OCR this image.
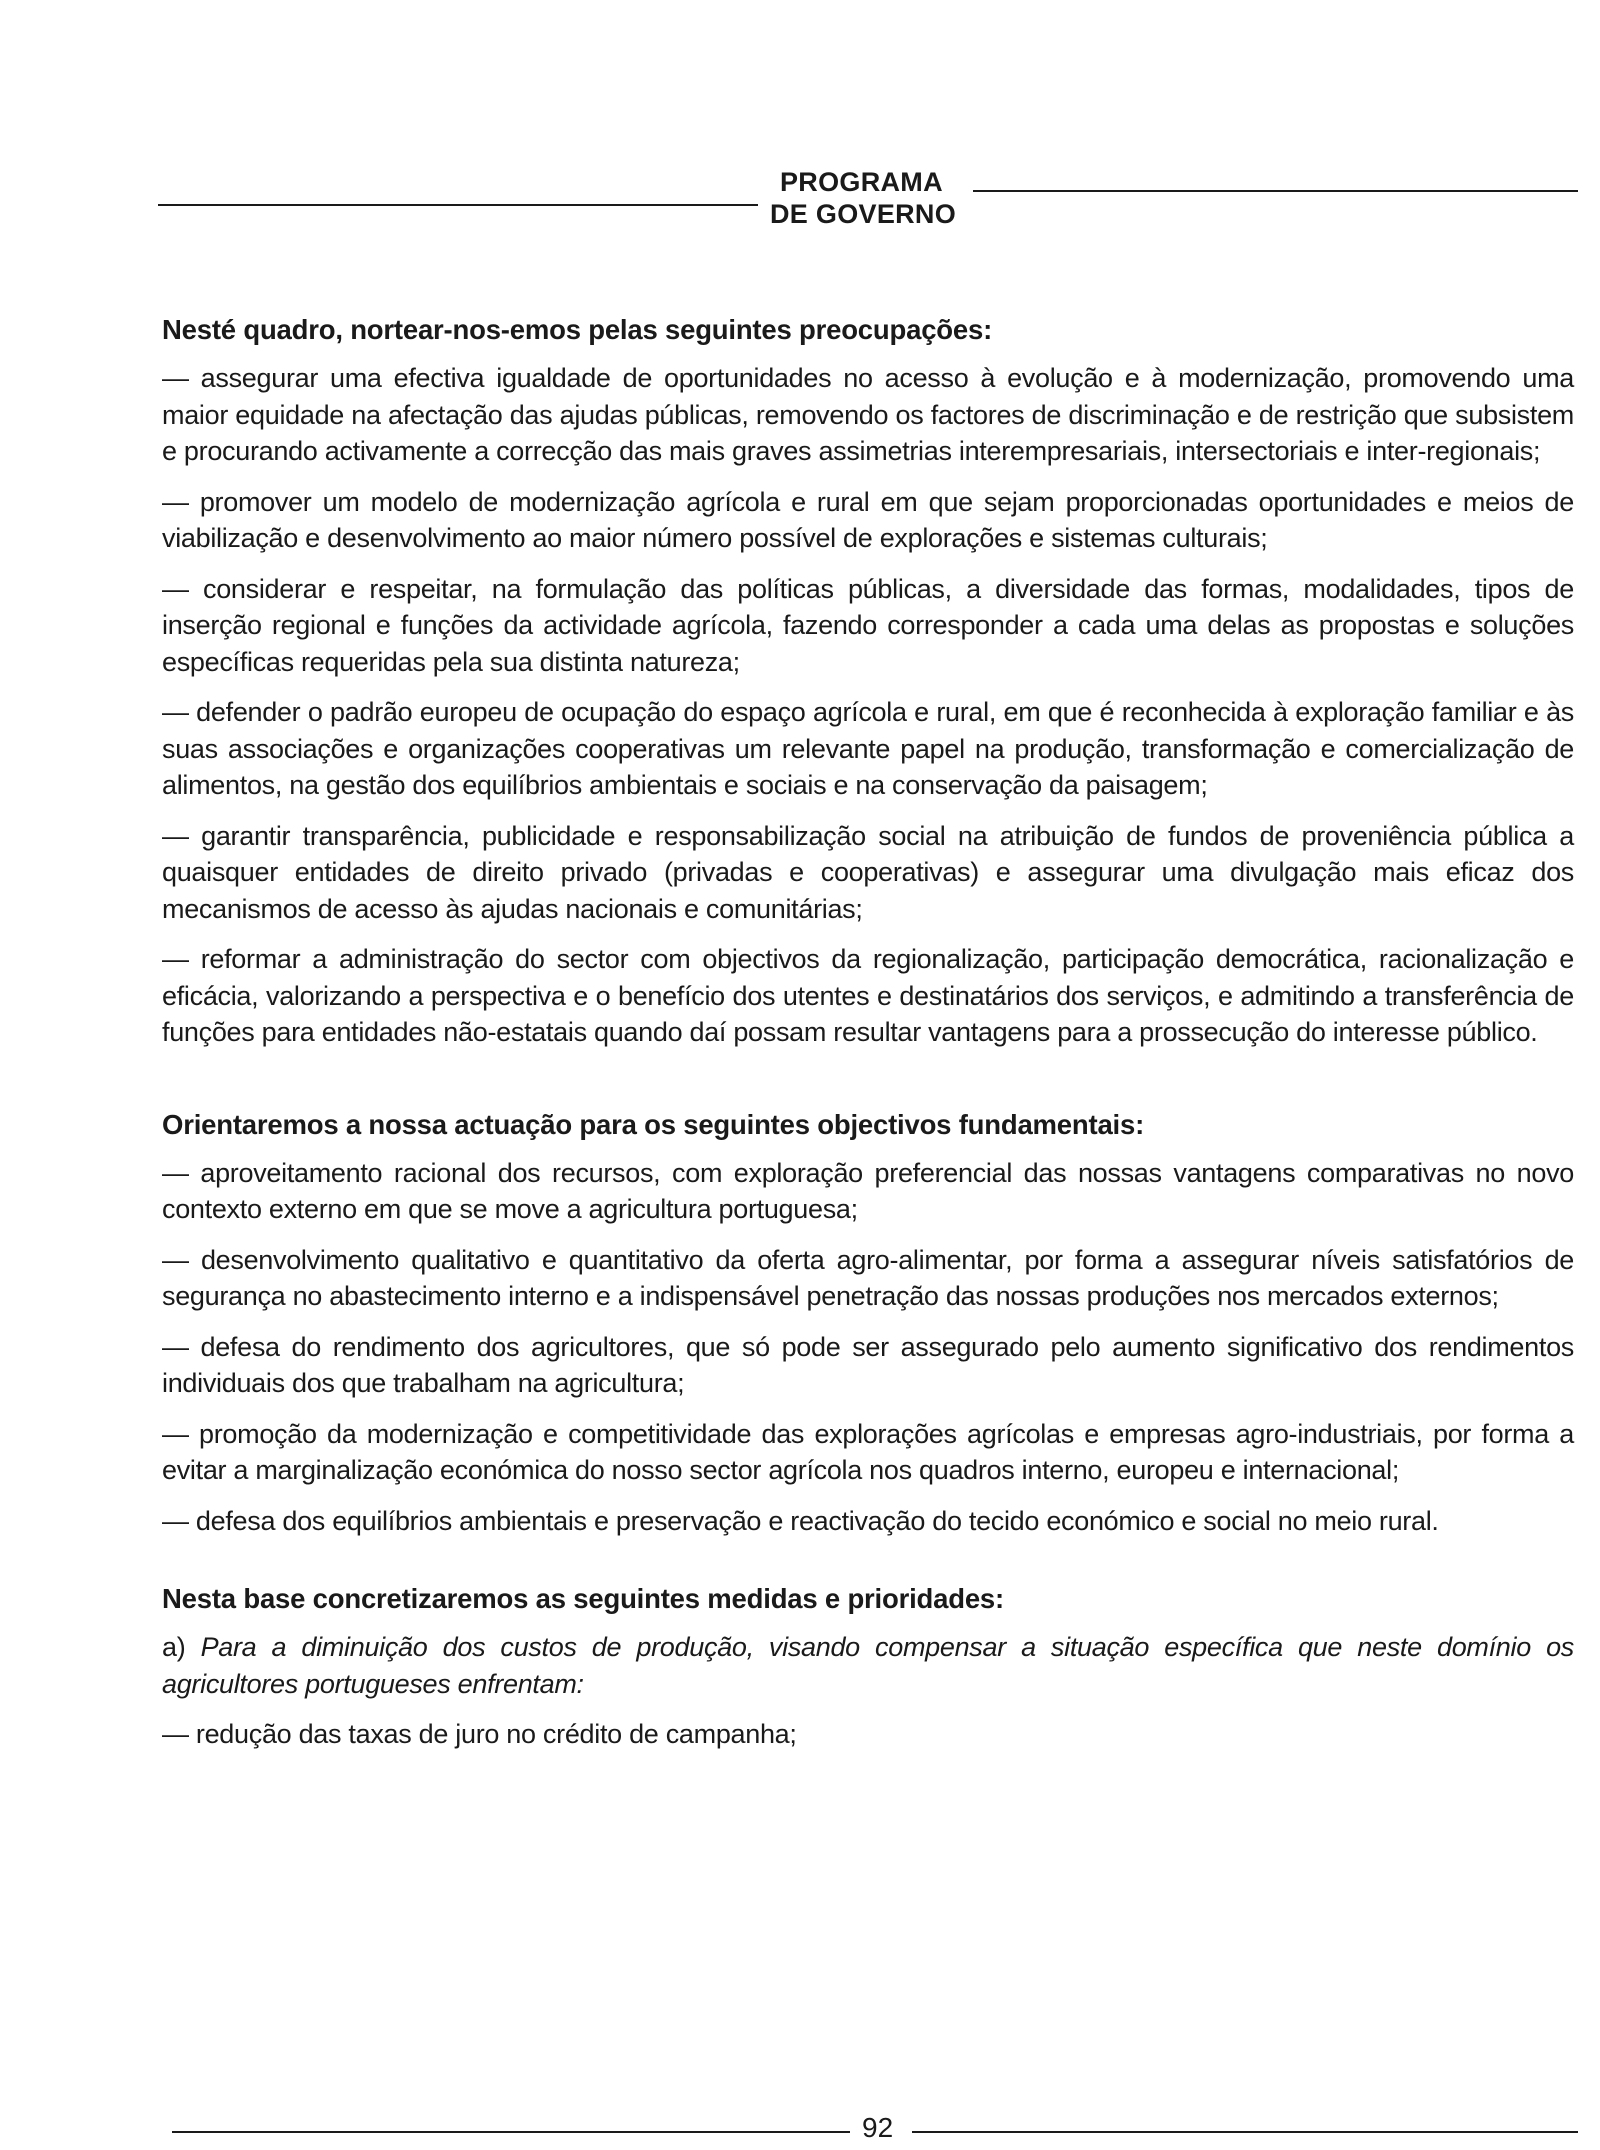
PROGRAMA
DE GOVERNO
Nesté quadro, nortear-nos-emos pelas seguintes preocupações:
— assegurar uma efectiva igualdade de oportunidades no acesso à evolução e à modernização, promovendo uma maior equidade na afectação das ajudas públicas, removendo os factores de discriminação e de restrição que subsistem e procurando activamente a correcção das mais graves assimetrias interempresariais, intersectoriais e inter-regionais;
— promover um modelo de modernização agrícola e rural em que sejam proporcionadas oportunidades e meios de viabilização e desenvolvimento ao maior número possível de explorações e sistemas culturais;
— considerar e respeitar, na formulação das políticas públicas, a diversidade das formas, modalidades, tipos de inserção regional e funções da actividade agrícola, fazendo corresponder a cada uma delas as propostas e soluções específicas requeridas pela sua distinta natureza;
— defender o padrão europeu de ocupação do espaço agrícola e rural, em que é reconhecida à exploração familiar e às suas associações e organizações cooperativas um relevante papel na produção, transformação e comercialização de alimentos, na gestão dos equilíbrios ambientais e sociais e na conservação da paisagem;
— garantir transparência, publicidade e responsabilização social na atribuição de fundos de proveniência pública a quaisquer entidades de direito privado (privadas e cooperativas) e assegurar uma divulgação mais eficaz dos mecanismos de acesso às ajudas nacionais e comunitárias;
— reformar a administração do sector com objectivos da regionalização, participação democrática, racionalização e eficácia, valorizando a perspectiva e o benefício dos utentes e destinatários dos serviços, e admitindo a transferência de funções para entidades não-estatais quando daí possam resultar vantagens para a prossecução do interesse público.
Orientaremos a nossa actuação para os seguintes objectivos fundamentais:
— aproveitamento racional dos recursos, com exploração preferencial das nossas vantagens comparativas no novo contexto externo em que se move a agricultura portuguesa;
— desenvolvimento qualitativo e quantitativo da oferta agro-alimentar, por forma a assegurar níveis satisfatórios de segurança no abastecimento interno e a indispensável penetração das nossas produções nos mercados externos;
— defesa do rendimento dos agricultores, que só pode ser assegurado pelo aumento significativo dos rendimentos individuais dos que trabalham na agricultura;
— promoção da modernização e competitividade das explorações agrícolas e empresas agro-industriais, por forma a evitar a marginalização económica do nosso sector agrícola nos quadros interno, europeu e internacional;
— defesa dos equilíbrios ambientais e preservação e reactivação do tecido económico e social no meio rural.
Nesta base concretizaremos as seguintes medidas e prioridades:
a) Para a diminuição dos custos de produção, visando compensar a situação específica que neste domínio os agricultores portugueses enfrentam:
— redução das taxas de juro no crédito de campanha;
92
